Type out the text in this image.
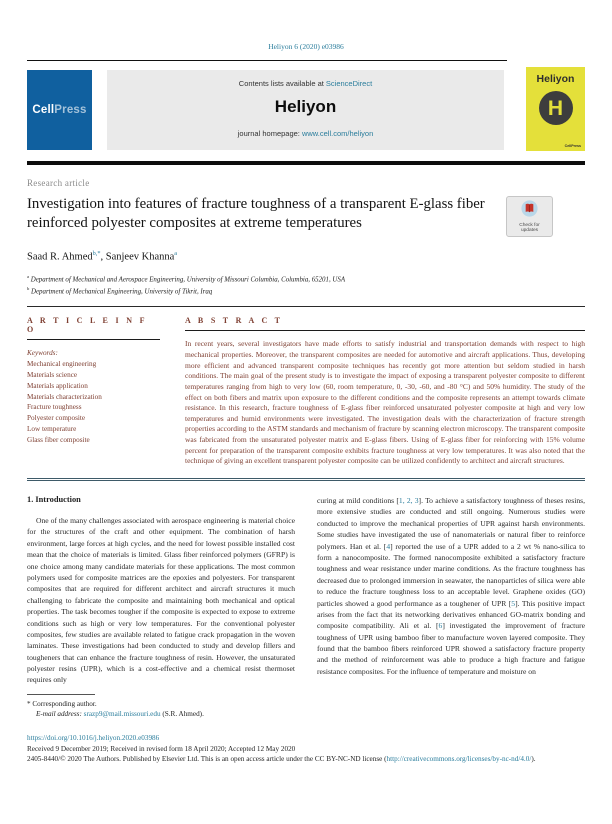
Heliyon 6 (2020) e03986
Cell Press
Contents lists available at ScienceDirect
Heliyon
journal homepage: www.cell.com/heliyon
Heliyon
H
CellPress
Research article
Investigation into features of fracture toughness of a transparent E-glass fiber reinforced polyester composites at extreme temperatures	Check for
updates
Saad R. Ahmed$^{b,*}$, Sanjeev Khanna$^a$
$^a$ Department of Mechanical and Aerospace Engineering, University of Missouri Columbia, Columbia, 65201, USA
$^b$ Department of Mechanical Engineering, University of Tikrit, Iraq
A R T I C L E I N F O
Keywords:
Mechanical engineering
Materials science
Materials application
Materials characterization
Fracture toughness
Polyester composite
Low temperature
Glass fiber composite
A B S T R A C T
In recent years, several investigators have made efforts to satisfy industrial and transportation demands with respect to high mechanical properties. Moreover, the transparent composites are needed for automotive and aircraft applications. Thus, developing more efficient and advanced transparent composite techniques has recently got more attention but seldom studied in harsh conditions. The main goal of the present study is to investigate the impact of exposing a transparent polyester composite to different temperatures ranging from high to very low (60, room temperature, 0, -30, -60, and -80 °C) and 50% humidity. The study of the effect on both fibers and matrix upon exposure to the different conditions and the composite represents an attempt towards climate resistance. In this research, fracture toughness of E-glass fiber reinforced unsaturated polyester composite at high and very low temperatures and humid environments were investigated. The investigation deals with the characterization of fracture strength properties according to the ASTM standards and mechanism of fracture by scanning electron microscopy. The transparent composite was fabricated from the unsaturated polyester matrix and E-glass fibers. Using of E-glass fiber for reinforcing with 15% volume percent for preparation of the transparent composite exhibits fracture toughness at very low temperatures. It was also noted that the technique of giving an excellent transparent polyester composite can be utilized confidently to architect and aircraft structures.
1. Introduction
One of the many challenges associated with aerospace engineering is material choice for the structures of the craft and other equipment. The combination of harsh environment, large forces at high cycles, and the need for lowest possible installed cost mean that the choice of materials is limited. Glass fiber reinforced polymers (GFRP) is one choice among many candidate materials for these applications. The most common polymers used for composite matrices are the epoxies and polyesters. For transparent composites that are required for different architect and aircraft structures it much challenging to fabricate the composite and maintaining both mechanical and optical properties. The task becomes tougher if the composite is expected to expose to extreme conditions such as high or very low temperatures. For the conventional polyester composites, few studies are available related to fatigue crack propagation in the woven laminates. These investigations had been conducted to study and develop fillers and tougheners that can enhance the fracture toughness of resin. However, the unsaturated polyester resins (UPR), which is a cost-effective and a chemical resist thermoset requires only
curing at mild conditions [1, 2, 3]. To achieve a satisfactory toughness of theses resins, more extensive studies are conducted and still ongoing. Numerous studies were conducted to improve the mechanical properties of UPR against harsh environments. Some studies have investigated the use of nanomaterials or natural fiber to reinforce polymers. Han et al. [4] reported the use of a UPR added to a 2 wt % nano-silica to form a nanocomposite. The formed nanocomposite exhibited a satisfactory fracture toughness and wear resistance under marine conditions. As the fracture toughness has decreased due to prolonged immersion in seawater, the nanoparticles of silica were able to reduce the fracture toughness loss to an acceptable level. Graphene oxides (GO) particles showed a good performance as a toughener of UPR [5]. This positive impact arises from the fact that its networking derivatives enhanced GO-matrix bonding and composite compatibility. Ali et al. [6] investigated the improvement of fracture toughness of UPR using bamboo fiber to manufacture woven layered composite. They found that the bamboo fibers reinforced UPR showed a satisfactory fracture property and the method of reinforcement was able to produce a high fracture and fatigue resistance composites. For the influence of temperature and moisture on
* Corresponding author.
E-mail address: srazp9@mail.missouri.edu (S.R. Ahmed).
https://doi.org/10.1016/j.heliyon.2020.e03986
Received 9 December 2019; Received in revised form 18 April 2020; Accepted 12 May 2020
2405-8440/© 2020 The Authors. Published by Elsevier Ltd. This is an open access article under the CC BY-NC-ND license (http://creativecommons.org/licenses/by-nc-nd/4.0/).
